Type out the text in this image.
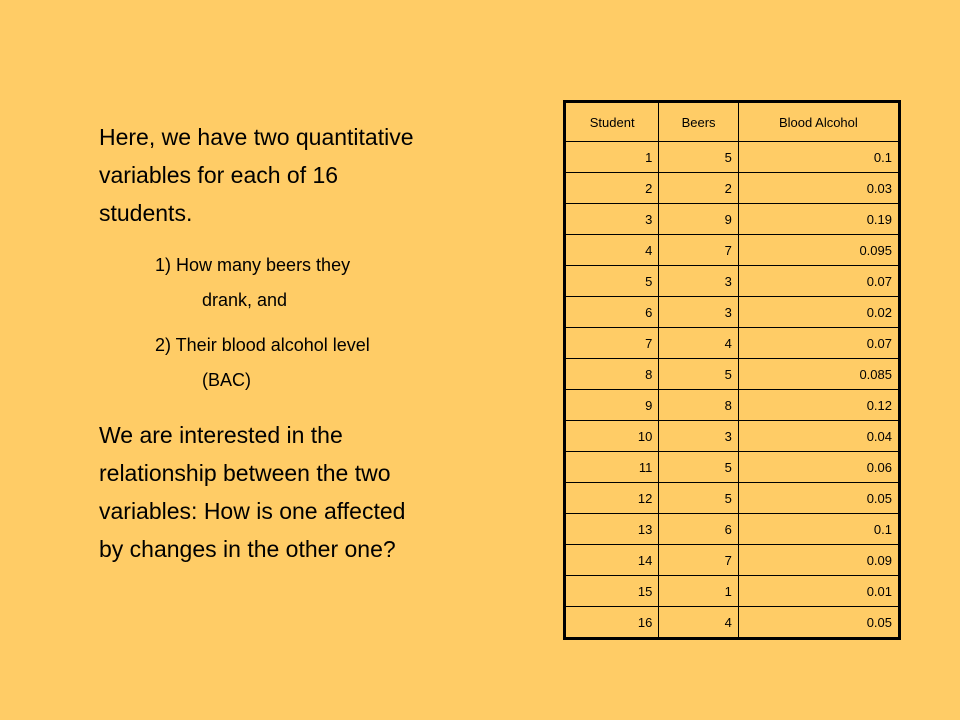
Here, we have two quantitative
variables for each of 16
students.

1) How many beers they
drank, and

2) Their blood alcohol level
(BAC)

We are interested in the
relationship between the two
variables: How is one affected
by changes in the other one?

Student	Beers	Blood Alcohol
1	5	0.1
2	2	0.03
3	9	0.19
4	7	0.095
5	3	0.07
6	3	0.02
7	4	0.07
8	5	0.085
9	8	0.12
10	3	0.04
11	5	0.06
12	5	0.05
13	6	0.1
14	7	0.09
15	1	0.01
16	4	0.05
